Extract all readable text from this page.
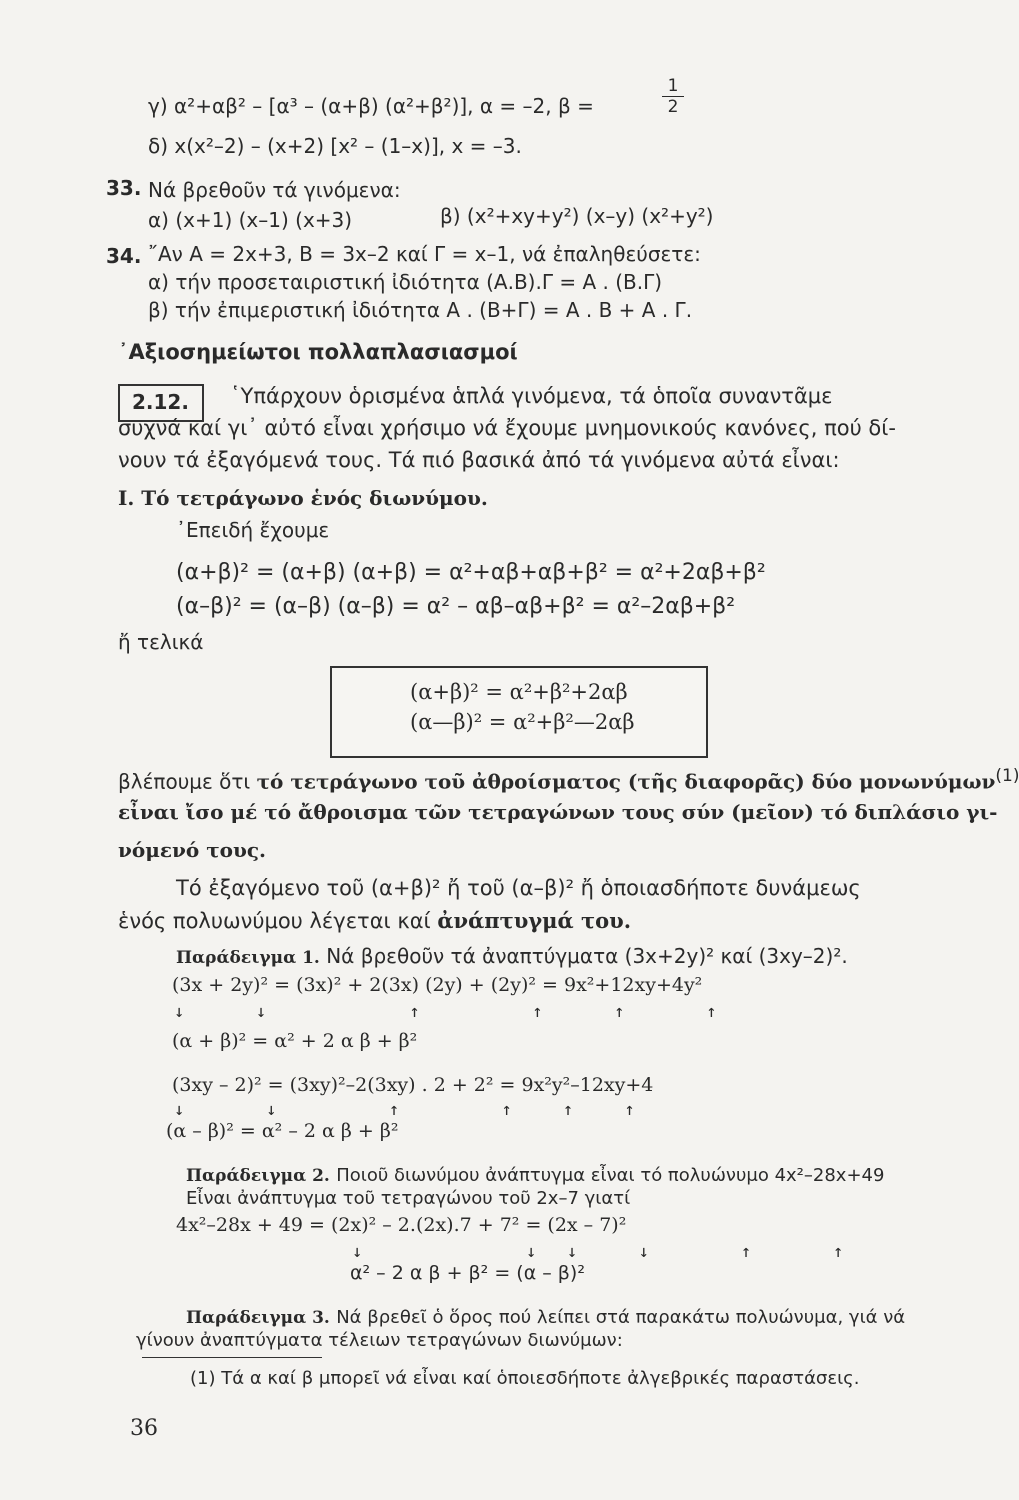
γ) α²+αβ² – [α³ – (α+β) (α²+β²)], α = –2, β =	$\frac{1}{2}$
δ) x(x²–2) – (x+2) [x² – (1–x)], x = –3.
33. Νά βρεθοῦν τά γινόμενα:
α) (x+1) (x–1) (x+3)	β) (x²+xy+y²) (x–y) (x²+y²)
34. ῎Αν Α = 2x+3, Β = 3x–2 καί Γ = x–1, νά ἐπαληθεύσετε:
α) τήν προσεταιριστική ἰδιότητα (Α.Β).Γ = Α . (Β.Γ)
β) τήν ἐπιμεριστική ἰδιότητα Α . (Β+Γ) = Α . Β + Α . Γ.
᾿Αξιοσημείωτοι πολλαπλασιασμοί
2.12. ῾Υπάρχουν ὁρισμένα ἁπλά γινόμενα, τά ὁποῖα συναντᾶμε
συχνά καί γι᾿ αὐτό εἶναι χρήσιμο νά ἔχουμε μνημονικούς κανόνες, πού δί-
νουν τά ἐξαγόμενά τους. Τά πιό βασικά ἀπό τά γινόμενα αὐτά εἶναι:
Ι. Τό τετράγωνο ἑνός διωνύμου.
᾿Επειδή ἔχουμε
(α+β)² = (α+β) (α+β) = α²+αβ+αβ+β² = α²+2αβ+β²
(α–β)² = (α–β) (α–β) = α² – αβ–αβ+β² = α²–2αβ+β²
ἤ τελικά
(α+β)² = α²+β²+2αβ
(α—β)² = α²+β²—2αβ
βλέπουμε ὅτι τό τετράγωνο τοῦ ἀθροίσματος (τῆς διαφορᾶς) δύο μονωνύμων$^{(1)}$
εἶναι ἴσο μέ τό ἄθροισμα τῶν τετραγώνων τους σύν (μεῖον) τό διπλάσιο γι-
νόμενό τους.
Τό ἐξαγόμενο τοῦ (α+β)² ἤ τοῦ (α–β)² ἤ ὁποιασδήποτε δυνάμεως
ἑνός πολυωνύμου λέγεται καί ἀνάπτυγμά του.
Παράδειγμα 1. Νά βρεθοῦν τά ἀναπτύγματα (3x+2y)² καί (3xy–2)².
(3x + 2y)² = (3x)² + 2(3x) (2y) + (2y)² = 9x²+12xy+4y²
↓       ↓              ↑           ↑       ↑        ↑
(α + β)² = α² + 2 α β + β²
(3xy – 2)² = (3xy)²–2(3xy) . 2 + 2² = 9x²y²–12xy+4
↓        ↓           ↑          ↑     ↑     ↑
(α – β)² = α² – 2 α β + β²
Παράδειγμα 2. Ποιοῦ διωνύμου ἀνάπτυγμα εἶναι τό πολυώνυμο 4x²–28x+49
Εἶναι ἀνάπτυγμα τοῦ τετραγώνου τοῦ 2x–7 γιατί
4x²–28x + 49 = (2x)² – 2.(2x).7 + 7² = (2x – 7)²
↓                ↓   ↓      ↓         ↑        ↑
α² – 2 α β + β² = (α – β)²
Παράδειγμα 3. Νά βρεθεῖ ὁ ὅρος πού λείπει στά παρακάτω πολυώνυμα, γιά νά
γίνουν ἀναπτύγματα τέλειων τετραγώνων διωνύμων:
(1) Τά α καί β μπορεῖ νά εἶναι καί ὁποιεσδήποτε ἀλγεβρικές παραστάσεις.
36
